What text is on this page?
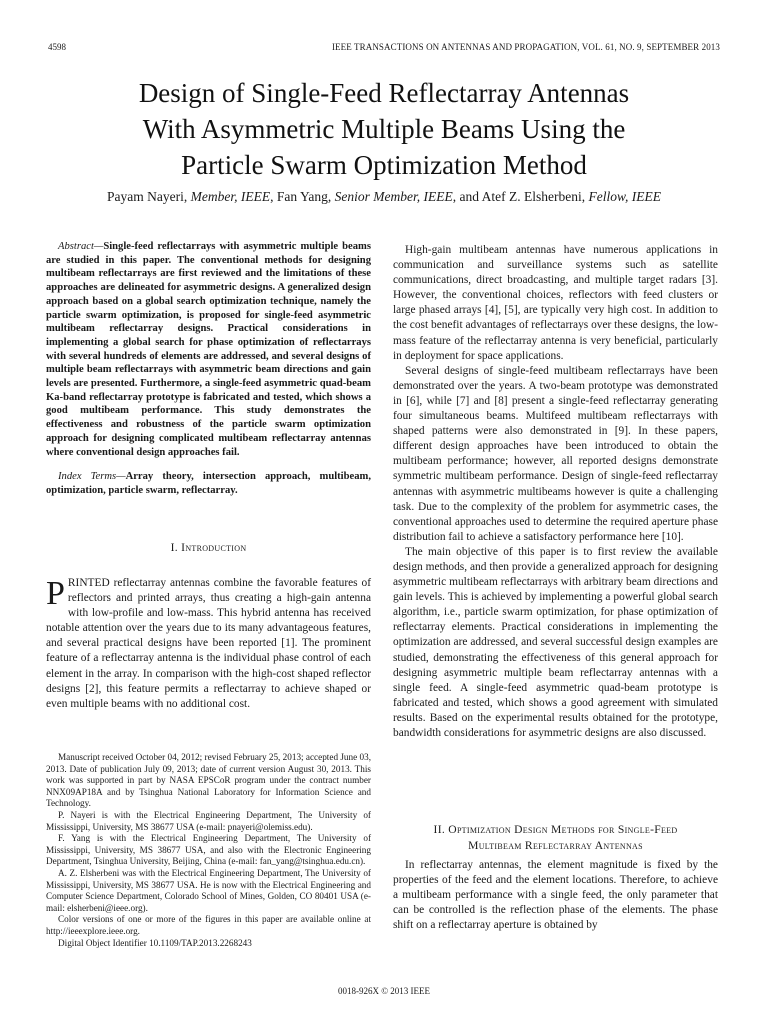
4598	IEEE TRANSACTIONS ON ANTENNAS AND PROPAGATION, VOL. 61, NO. 9, SEPTEMBER 2013
Design of Single-Feed Reflectarray Antennas
With Asymmetric Multiple Beams Using the
Particle Swarm Optimization Method
Payam Nayeri, Member, IEEE, Fan Yang, Senior Member, IEEE, and Atef Z. Elsherbeni, Fellow, IEEE

Abstract—Single-feed reflectarrays with asymmetric multiple beams are studied in this paper. The conventional methods for designing multibeam reflectarrays are first reviewed and the limitations of these approaches are delineated for asymmetric designs. A generalized design approach based on a global search optimization technique, namely the particle swarm optimization, is proposed for single-feed asymmetric multibeam reflectarray designs. Practical considerations in implementing a global search for phase optimization of reflectarrays with several hundreds of elements are addressed, and several designs of multiple beam reflectarrays with asymmetric beam directions and gain levels are presented. Furthermore, a single-feed asymmetric quad-beam Ka-band reflectarray prototype is fabricated and tested, which shows a good multibeam performance. This study demonstrates the effectiveness and robustness of the particle swarm optimization approach for designing complicated multibeam reflectarray antennas where conventional design approaches fail.

Index Terms—Array theory, intersection approach, multibeam, optimization, particle swarm, reflectarray.

I. Introduction

PRINTED reflectarray antennas combine the favorable features of reflectors and printed arrays, thus creating a high-gain antenna with low-profile and low-mass. This hybrid antenna has received notable attention over the years due to its many advantageous features, and several practical designs have been reported [1]. The prominent feature of a reflectarray antenna is the individual phase control of each element in the array. In comparison with the high-cost shaped reflector designs [2], this feature permits a reflectarray to achieve shaped or even multiple beams with no additional cost.

Manuscript received October 04, 2012; revised February 25, 2013; accepted June 03, 2013. Date of publication July 09, 2013; date of current version August 30, 2013. This work was supported in part by NASA EPSCoR program under the contract number NNX09AP18A and by Tsinghua National Laboratory for Information Science and Technology.

P. Nayeri is with the Electrical Engineering Department, The University of Mississippi, University, MS 38677 USA (e-mail: pnayeri@olemiss.edu).

F. Yang is with the Electrical Engineering Department, The University of Mississippi, University, MS 38677 USA, and also with the Electronic Engineering Department, Tsinghua University, Beijing, China (e-mail: fan_yang@tsinghua.edu.cn).

A. Z. Elsherbeni was with the Electrical Engineering Department, The University of Mississippi, University, MS 38677 USA. He is now with the Electrical Engineering and Computer Science Department, Colorado School of Mines, Golden, CO 80401 USA (e-mail: elsherbeni@ieee.org).

Color versions of one or more of the figures in this paper are available online at http://ieeexplore.ieee.org.

Digital Object Identifier 10.1109/TAP.2013.2268243

High-gain multibeam antennas have numerous applications in communication and surveillance systems such as satellite communications, direct broadcasting, and multiple target radars [3]. However, the conventional choices, reflectors with feed clusters or large phased arrays [4], [5], are typically very high cost. In addition to the cost benefit advantages of reflectarrays over these designs, the low-mass feature of the reflectarray antenna is very beneficial, particularly in deployment for space applications.

Several designs of single-feed multibeam reflectarrays have been demonstrated over the years. A two-beam prototype was demonstrated in [6], while [7] and [8] present a single-feed reflectarray generating four simultaneous beams. Multifeed multibeam reflectarrays with shaped patterns were also demonstrated in [9]. In these papers, different design approaches have been introduced to obtain the multibeam performance; however, all reported designs demonstrate symmetric multibeam performance. Design of single-feed reflectarray antennas with asymmetric multibeams however is quite a challenging task. Due to the complexity of the problem for asymmetric cases, the conventional approaches used to determine the required aperture phase distribution fail to achieve a satisfactory performance here [10].

The main objective of this paper is to first review the available design methods, and then provide a generalized approach for designing asymmetric multibeam reflectarrays with arbitrary beam directions and gain levels. This is achieved by implementing a powerful global search algorithm, i.e., particle swarm optimization, for phase optimization of reflectarray elements. Practical considerations in implementing the optimization are addressed, and several successful design examples are studied, demonstrating the effectiveness of this general approach for designing asymmetric multiple beam reflectarray antennas with a single feed. A single-feed asymmetric quad-beam prototype is fabricated and tested, which shows a good agreement with simulated results. Based on the experimental results obtained for the prototype, bandwidth considerations for asymmetric designs are also discussed.

II. Optimization Design Methods for Single-Feed
Multibeam Reflectarray Antennas

In reflectarray antennas, the element magnitude is fixed by the properties of the feed and the element locations. Therefore, to achieve a multibeam performance with a single feed, the only parameter that can be controlled is the reflection phase of the elements. The phase shift on a reflectarray aperture is obtained by

0018-926X © 2013 IEEE
